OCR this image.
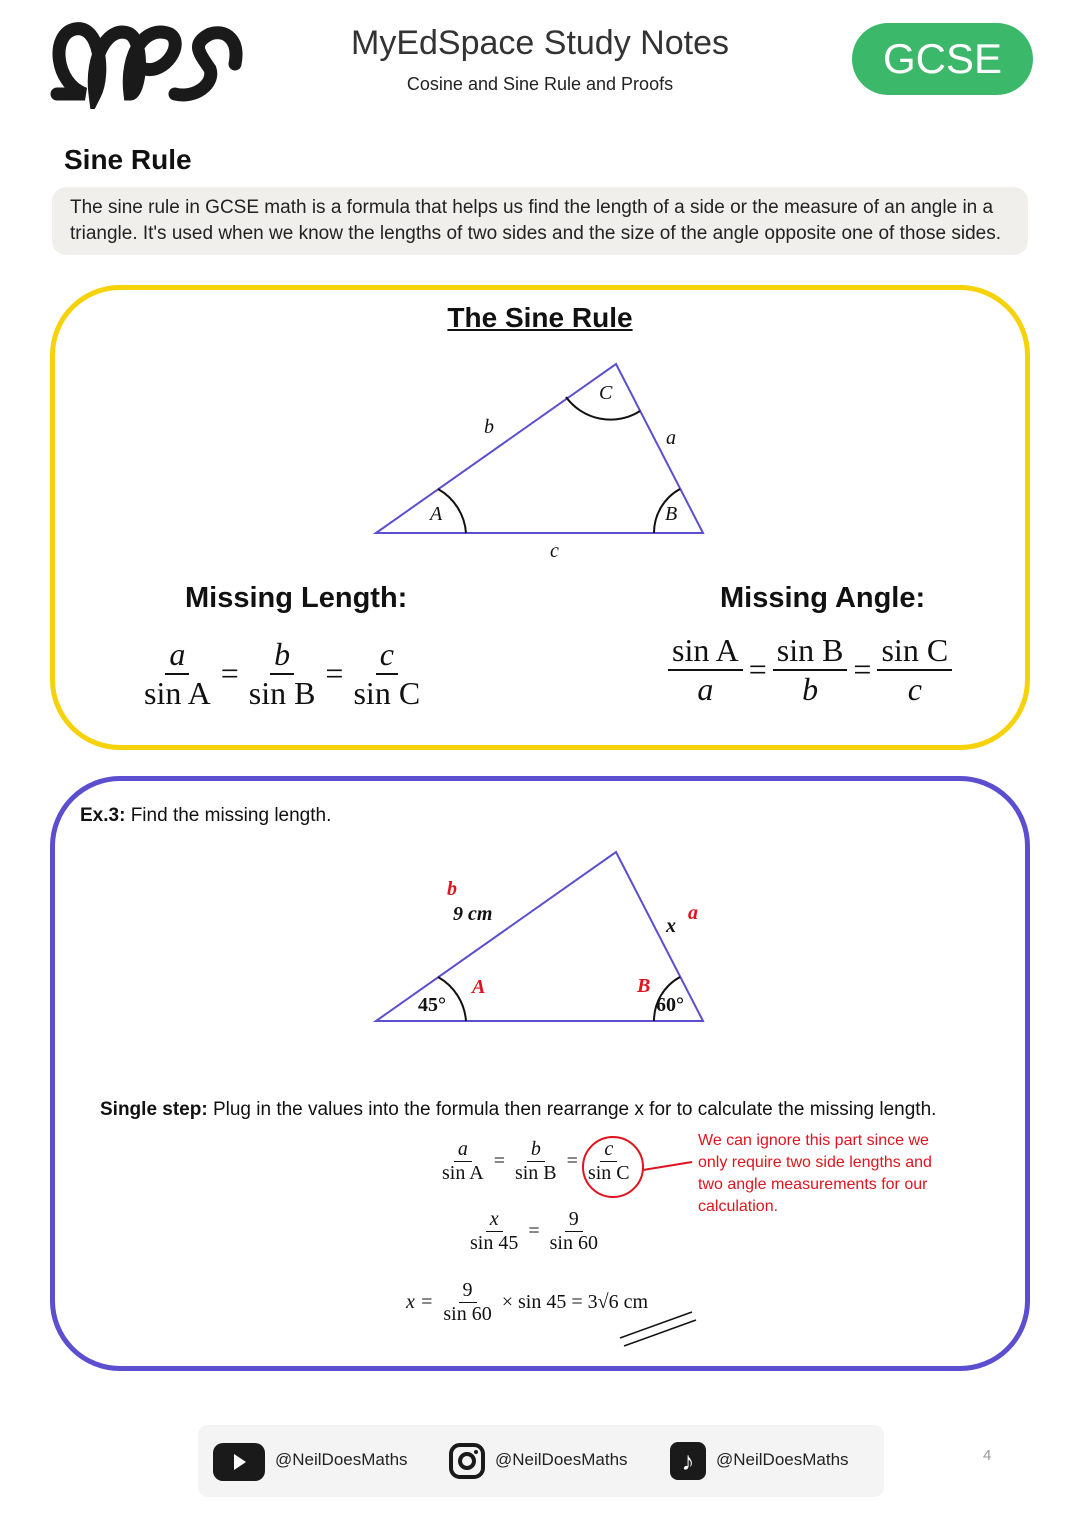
MyEdSpace Study Notes
Cosine and Sine Rule and Proofs
GCSE
Sine Rule
The sine rule in GCSE math is a formula that helps us find the length of a side or the measure of an angle in a triangle. It's used when we know the lengths of two sides and the size of the angle opposite one of those sides.
The Sine Rule
b	a
c
A	B
C
Missing Length:
$\frac{a}{\text{sin A}} = \frac{b}{\text{sin B}} = \frac{c}{\text{sin C}}$
Missing Angle:
$\frac{\text{sin A}}{a} = \frac{\text{sin B}}{b} = \frac{\text{sin C}}{c}$
Ex.3: Find the missing length.
b
9 cm
x
a
A	B
45°	60°
Single step: Plug in the values into the formula then rearrange x for to calculate the missing length.
$\frac{a}{\text{sin A}} = \frac{b}{\text{sin B}} = \frac{c}{\text{sin C}}$
$\frac{x}{\sin 45} = \frac{9}{\sin 60}$
$x = \frac{9}{\sin 60} \times \sin 45 = 3√6$ cm
We can ignore this part since we only require two side lengths and two angle measurements for our calculation.
@NeilDoesMaths	@NeilDoesMaths	♪	@NeilDoesMaths	4
